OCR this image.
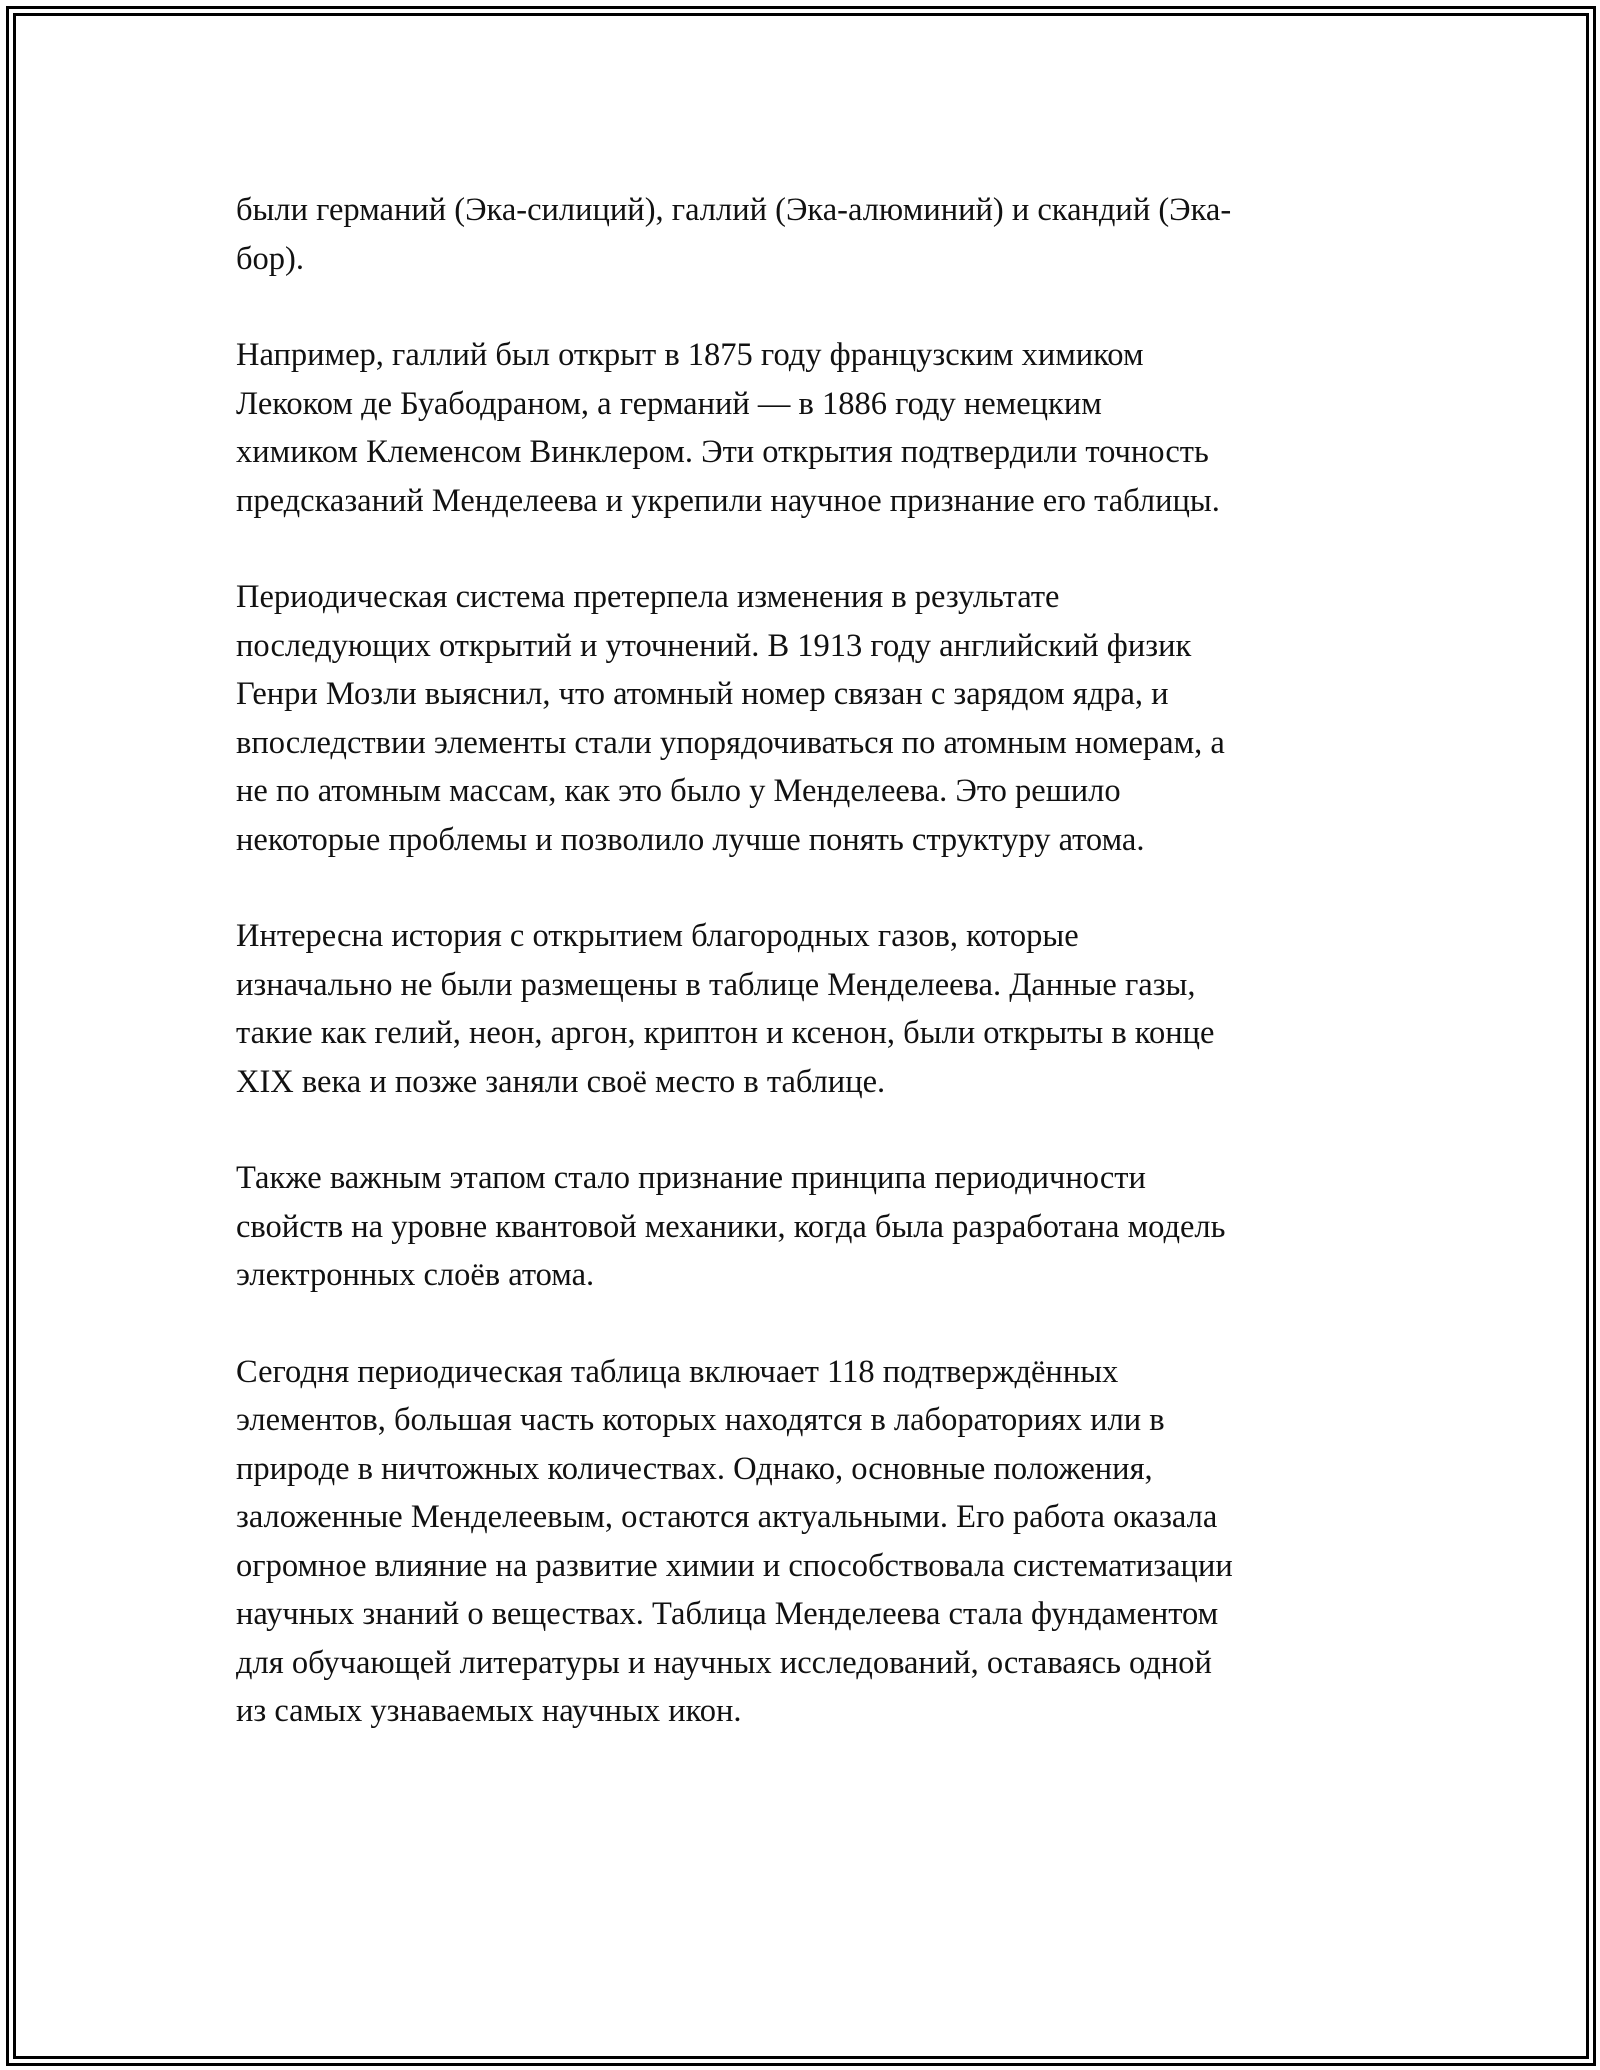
были германий (Эка-силиций), галлий (Эка-алюминий) и скандий (Эка-
бор).

Например, галлий был открыт в 1875 году французским химиком
Лекоком де Буабодраном, а германий — в 1886 году немецким
химиком Клеменсом Винклером. Эти открытия подтвердили точность
предсказаний Менделеева и укрепили научное признание его таблицы.

Периодическая система претерпела изменения в результате
последующих открытий и уточнений. В 1913 году английский физик
Генри Мозли выяснил, что атомный номер связан с зарядом ядра, и
впоследствии элементы стали упорядочиваться по атомным номерам, а
не по атомным массам, как это было у Менделеева. Это решило
некоторые проблемы и позволило лучше понять структуру атома.

Интересна история с открытием благородных газов, которые
изначально не были размещены в таблице Менделеева. Данные газы,
такие как гелий, неон, аргон, криптон и ксенон, были открыты в конце
XIX века и позже заняли своё место в таблице.

Также важным этапом стало признание принципа периодичности
свойств на уровне квантовой механики, когда была разработана модель
электронных слоёв атома.

Сегодня периодическая таблица включает 118 подтверждённых
элементов, большая часть которых находятся в лабораториях или в
природе в ничтожных количествах. Однако, основные положения,
заложенные Менделеевым, остаются актуальными. Его работа оказала
огромное влияние на развитие химии и способствовала систематизации
научных знаний о веществах. Таблица Менделеева стала фундаментом
для обучающей литературы и научных исследований, оставаясь одной
из самых узнаваемых научных икон.
